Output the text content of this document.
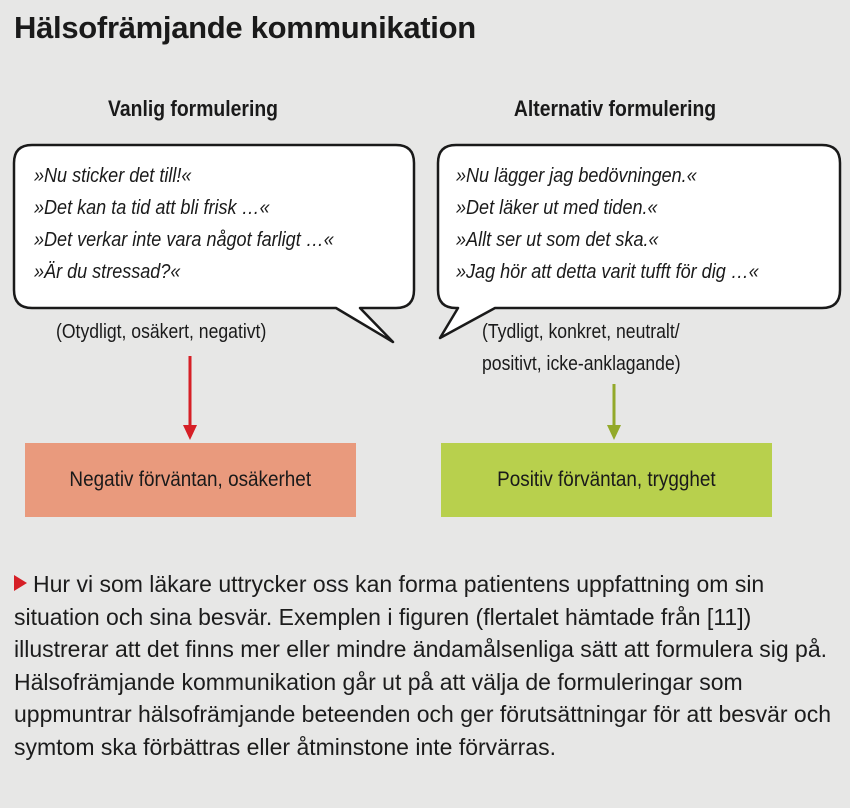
Hälsofrämjande kommunikation
Vanlig formulering	Alternativ formulering
»Nu sticker det till!«
»Det kan ta tid att bli frisk …«
»Det verkar inte vara något farligt …«
»Är du stressad?«
»Nu lägger jag bedövningen.«
»Det läker ut med tiden.«
»Allt ser ut som det ska.«
»Jag hör att detta varit tufft för dig …«
(Otydligt, osäkert, negativt)	(Tydligt, konkret, neutralt/
positivt, icke-anklagande)
Negativ förväntan, osäkerhet	Positiv förväntan, trygghet
Hur vi som läkare uttrycker oss kan forma patientens uppfattning om sin situation och sina besvär. Exemplen i figuren (flertalet hämtade från [11]) illustrerar att det finns mer eller mindre ändamålsenliga sätt att formulera sig på. Hälsofrämjande kommunikation går ut på att välja de formuleringar som uppmuntrar hälsofrämjande beteenden och ger förutsättningar för att besvär och symtom ska förbättras eller åtminstone inte förvärras.
